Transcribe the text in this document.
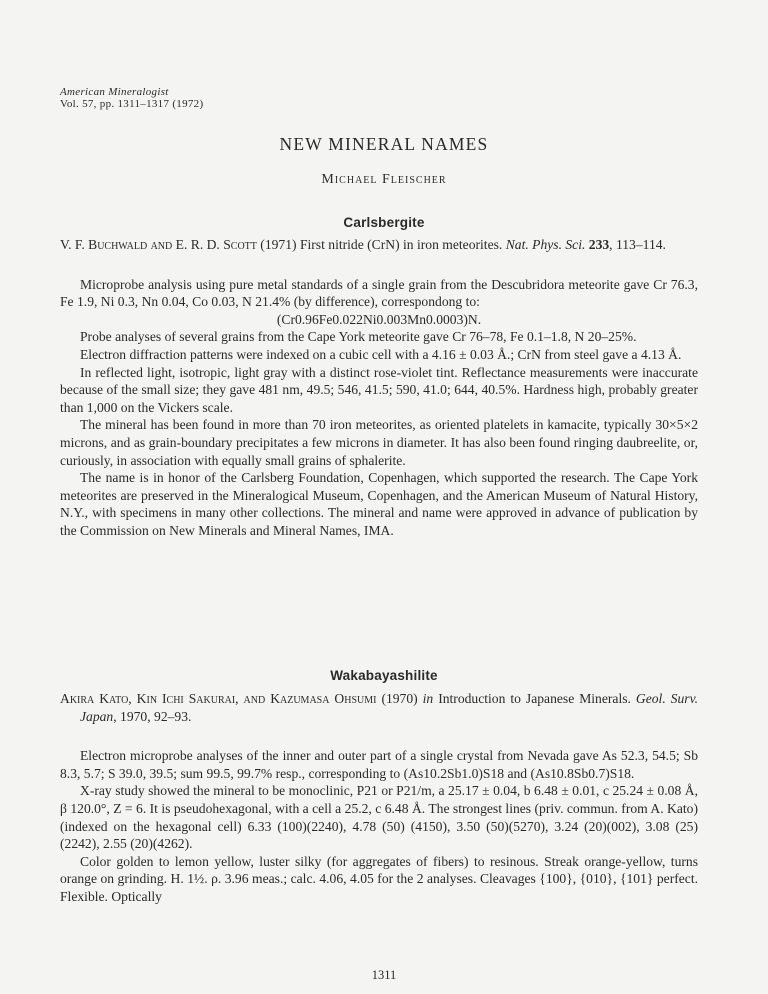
American Mineralogist
Vol. 57, pp. 1311–1317 (1972)
NEW MINERAL NAMES
Michael Fleischer
Carlsbergite

V. F. Buchwald and E. R. D. Scott (1971) First nitride (CrN) in iron meteorites. Nat. Phys. Sci. 233, 113–114.

Microprobe analysis using pure metal standards of a single grain from the Descubridora meteorite gave Cr 76.3, Fe 1.9, Ni 0.3, Nn 0.04, Co 0.03, N 21.4% (by difference), correspondong to:

(Cr0.96Fe0.022Ni0.003Mn0.0003)N.

Probe analyses of several grains from the Cape York meteorite gave Cr 76–78, Fe 0.1–1.8, N 20–25%.

Electron diffraction patterns were indexed on a cubic cell with a 4.16 ± 0.03 Å.; CrN from steel gave a 4.13 Å.

In reflected light, isotropic, light gray with a distinct rose-violet tint. Reflectance measurements were inaccurate because of the small size; they gave 481 nm, 49.5; 546, 41.5; 590, 41.0; 644, 40.5%. Hardness high, probably greater than 1,000 on the Vickers scale.

The mineral has been found in more than 70 iron meteorites, as oriented platelets in kamacite, typically 30×5×2 microns, and as grain-boundary precipitates a few microns in diameter. It has also been found ringing daubreelite, or, curiously, in association with equally small grains of sphalerite.

The name is in honor of the Carlsberg Foundation, Copenhagen, which supported the research. The Cape York meteorites are preserved in the Mineralogical Museum, Copenhagen, and the American Museum of Natural History, N.Y., with specimens in many other collections. The mineral and name were approved in advance of publication by the Commission on New Minerals and Mineral Names, IMA.

Wakabayashilite

Akira Kato, Kin Ichi Sakurai, and Kazumasa Ohsumi (1970) in Introduction to Japanese Minerals. Geol. Surv. Japan, 1970, 92–93.

Electron microprobe analyses of the inner and outer part of a single crystal from Nevada gave As 52.3, 54.5; Sb 8.3, 5.7; S 39.0, 39.5; sum 99.5, 99.7% resp., corresponding to (As10.2Sb1.0)S18 and (As10.8Sb0.7)S18.

X-ray study showed the mineral to be monoclinic, P21 or P21/m, a 25.17 ± 0.04, b 6.48 ± 0.01, c 25.24 ± 0.08 Å, β 120.0°, Z = 6. It is pseudohexagonal, with a cell a 25.2, c 6.48 Å. The strongest lines (priv. commun. from A. Kato) (indexed on the hexagonal cell) 6.33 (100)(2240), 4.78 (50) (4150), 3.50 (50)(5270), 3.24 (20)(002), 3.08 (25)(2242), 2.55 (20)(4262).

Color golden to lemon yellow, luster silky (for aggregates of fibers) to resinous. Streak orange-yellow, turns orange on grinding. H. 1½. ρ. 3.96 meas.; calc. 4.06, 4.05 for the 2 analyses. Cleavages {100}, {010}, {101} perfect. Flexible. Optically

1311
